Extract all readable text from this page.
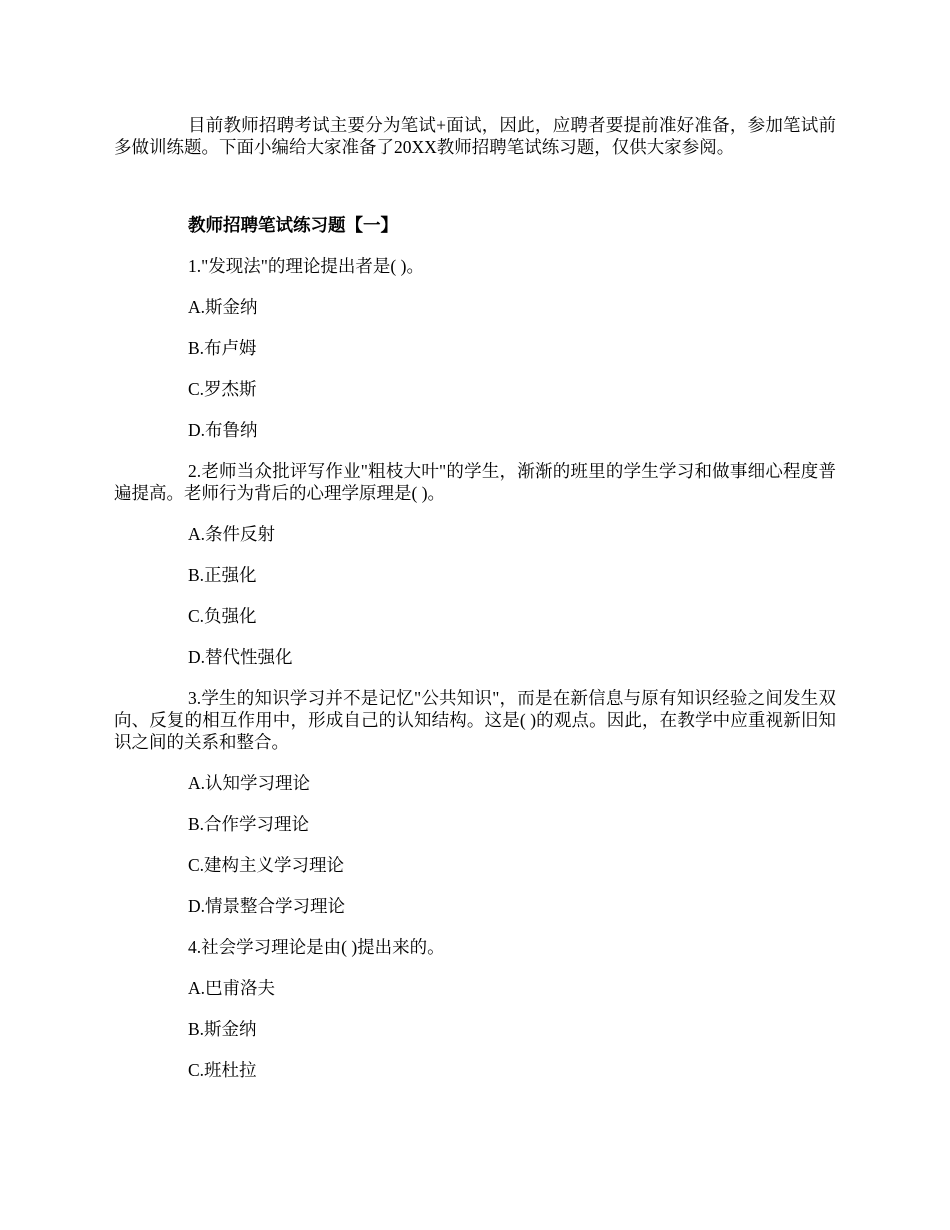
目前教师招聘考试主要分为笔试+面试，因此，应聘者要提前准好准备，参加笔试前多做训练题。下面小编给大家准备了20XX教师招聘笔试练习题，仅供大家参阅。

教师招聘笔试练习题【一】

1."发现法"的理论提出者是( )。

A.斯金纳

B.布卢姆

C.罗杰斯

D.布鲁纳

2.老师当众批评写作业"粗枝大叶"的学生，渐渐的班里的学生学习和做事细心程度普遍提高。老师行为背后的心理学原理是( )。

A.条件反射

B.正强化

C.负强化

D.替代性强化

3.学生的知识学习并不是记忆"公共知识"，而是在新信息与原有知识经验之间发生双向、反复的相互作用中，形成自己的认知结构。这是( )的观点。因此，在教学中应重视新旧知识之间的关系和整合。

A.认知学习理论

B.合作学习理论

C.建构主义学习理论

D.情景整合学习理论

4.社会学习理论是由( )提出来的。

A.巴甫洛夫

B.斯金纳

C.班杜拉
